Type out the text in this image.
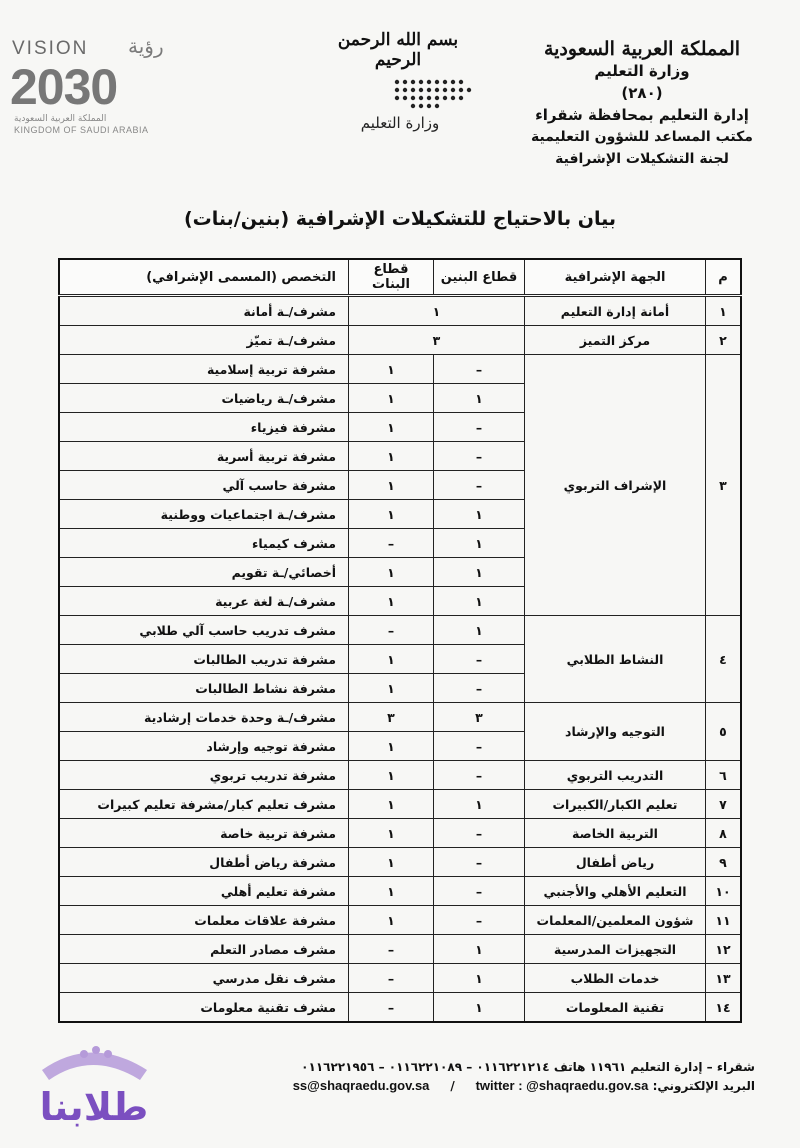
المملكة العربية السعودية
وزارة التعليم
(٢٨٠)
إدارة التعليم بمحافظة شقراء
مكتب المساعد للشؤون التعليمية
لجنة التشكيلات الإشرافية
بسم الله الرحمن الرحيم
وزارة التعليم
VISION رؤية
2030
المملكة العربية السعودية
KINGDOM OF SAUDI ARABIA
بيان بالاحتياج للتشكيلات الإشرافية (بنين/بنات)
م	الجهة الإشرافية	قطاع البنين	قطاع البنات	التخصص (المسمى الإشرافي)
١	أمانة إدارة التعليم	١		مشرف/ـة أمانة
٢	مركز التميز	٣		مشرف/ـة تميّز
٣	الإشراف التربوي	–	١	مشرفة تربية إسلامية
		١	١	مشرف/ـة رياضيات
		–	١	مشرفة فيزياء
		–	١	مشرفة تربية أسرية
		–	١	مشرفة حاسب آلي
		١	١	مشرف/ـة اجتماعيات ووطنية
		١	–	مشرف كيمياء
		١	١	أخصائي/ـة تقويم
		١	١	مشرف/ـة لغة عربية
٤	النشاط الطلابي	١	–	مشرف تدريب حاسب آلي طلابي
		–	١	مشرفة تدريب الطالبات
		–	١	مشرفة نشاط الطالبات
٥	التوجيه والإرشاد	٣	٣	مشرف/ـة وحدة خدمات إرشادية
		–	١	مشرفة توجيه وإرشاد
٦	التدريب التربوي	–	١	مشرفة تدريب تربوي
٧	تعليم الكبار/الكبيرات	١	١	مشرف تعليم كبار/مشرفة تعليم كبيرات
٨	التربية الخاصة	–	١	مشرفة تربية خاصة
٩	رياض أطفال	–	١	مشرفة رياض أطفال
١٠	التعليم الأهلي والأجنبي	–	١	مشرفة تعليم أهلي
١١	شؤون المعلمين/المعلمات	–	١	مشرفة علاقات معلمات
١٢	التجهيزات المدرسية	١	–	مشرف مصادر التعلم
١٣	خدمات الطلاب	١	–	مشرف نقل مدرسي
١٤	تقنية المعلومات	١	–	مشرف تقنية معلومات
شقراء – إدارة التعليم ١١٩٦١ هاتف ٠١١٦٢٢١٢١٤ – ٠١١٦٢٢١٠٨٩ – ٠١١٦٢٢١٩٥٦
البريد الإلكتروني: ss@shaqraedu.gov.sa / twitter : @shaqraedu.gov.sa
طلابنا
